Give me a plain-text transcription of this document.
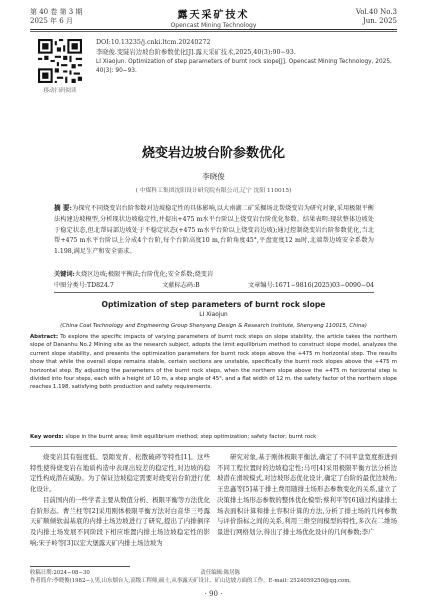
第 40 卷 第 3 期
2025 年 6 月	露天采矿技术
Opencast Mining Technology
Vol.40 No.3
Jun. 2025
移动扫码阅读
DOI:10.13235/j.cnki.ltcm.20240272
李晓俊.变陡岩边坡台阶参数优化[J].露天采矿技术,2025,40(3):90−93.
LI Xiaojun. Optimization of step parameters of burnt rock slope[J]. Opencast Mining Technology, 2025, 40(3): 90−93.
烧变岩边坡台阶参数优化
李晓俊
( 中煤科工集团沈阳设计研究院有限公司,辽宁 沈阳 110015)
摘 要:为探究不同烧变岩台阶参数对边坡稳定性的具体影响,以大南湖二矿采掘场北帮烧变岩为研究对象,采用极限平衡法构建边坡模型,分析现状边坡稳定性,并提出+475 m水平台阶以上烧变岩台阶优化参数。结果表明:现状整体边坡处于稳定状态,但北帮局部边坡处于不稳定状态(+475 m水平台阶以上烧变岩边坡);通过控制烧变岩台阶参数优化,当北帮+475 m水平台阶以上分成4个台阶,每个台阶高度10 m,台阶角度45°,平盘宽度12 m时,北端帮边坡安全系数为1.198,满足生产和安全需求。
关键词:火烧区边坡;极限平衡法;台阶优化;安全系数;烧变岩
中图分类号:TD824.7	文献标志码:B	文章编号:1671−9816(2025)03−0090−04
Optimization of step parameters of burnt rock slope
LI Xiaojun
(China Coal Technology and Engineering Group Shenyang Design & Research Institute, Shenyang 110015, China)
Abstract: To explore the specific impacts of varying parameters of burnt rock steps on slope stability, the article takes the northern slope of Dananhu No.2 Mining site as the research subject, adopts the limit equilibrium method to construct slope model, analyzes the current slope stability, and presents the optimization parameters for burnt rock steps above the +475 m horizontal step. The results show that while the overall slope remains stable, certain sections are unstable, specifically the burnt rock slopes above the +475 m horizontal step. By adjusting the parameters of the burnt rock steps, when the northern slope above the +475 m horizontal step is divided into four steps, each with a height of 10 m, a step angle of 45°, and a flat width of 12 m, the safety factor of the northern slope reaches 1.198, satisfying both production and safety requirements.
Key words: slope in the burnt area; limit equilibrium method; step optimization; safety factor; burnt rock

烧变岩其有强度低、裂隙发育、松散破碎等特性[1]。这些特性使得烧变岩在地质构造中表现出较差的稳定性,对边坡的稳定性构成潜在威胁。为了保证边坡稳定需要对烧变岩台阶进行优化设计。

目前国内的一些学者主要从数值分析、极限平衡等方法优化台阶形态。曹兰柱等[2]采用刚体极限平衡方法对白音华三号露天矿顺倾软弱基底的内排土场边坡进行了研究,提出了内排倒序及内排土场发展不同阶段下相应堆置内排土场边坡稳定性的影响;宋子岭等[3]以宏大堡露天矿内排土场边坡为

研究对象,基于刚体极限平衡法,确定了不同平盘宽度推进到不同工程位置时的边坡稳定性;马可[4]采用极限平衡方法分析边坡潜在滑坡模式,对边坡形态优化设计,确定了台阶的最优边坡角;王忠鑫等[5]基于排土费用随排土场形态参数变化的关系,建立了决策排土场形态参数的整体优化模型;蔡利平等[6]通过构建排土场表面积计算和排土容积计算的方法,分析了排土场的几何参数与评价指标之间的关系,利用三维空间模型的特性,多次在二维场景进行网格划分,得出了排土场优化设计的几何参数;李广

收稿日期:2024−08−30	责任编辑:陈居陈
作者简介:李晓俊(1982—),男,山东烟台人,高级工程师,硕士,从事露天矿设计、矿山边坡方面的工作。E-mail: 2524059250@qq.com。
· 90 ·
